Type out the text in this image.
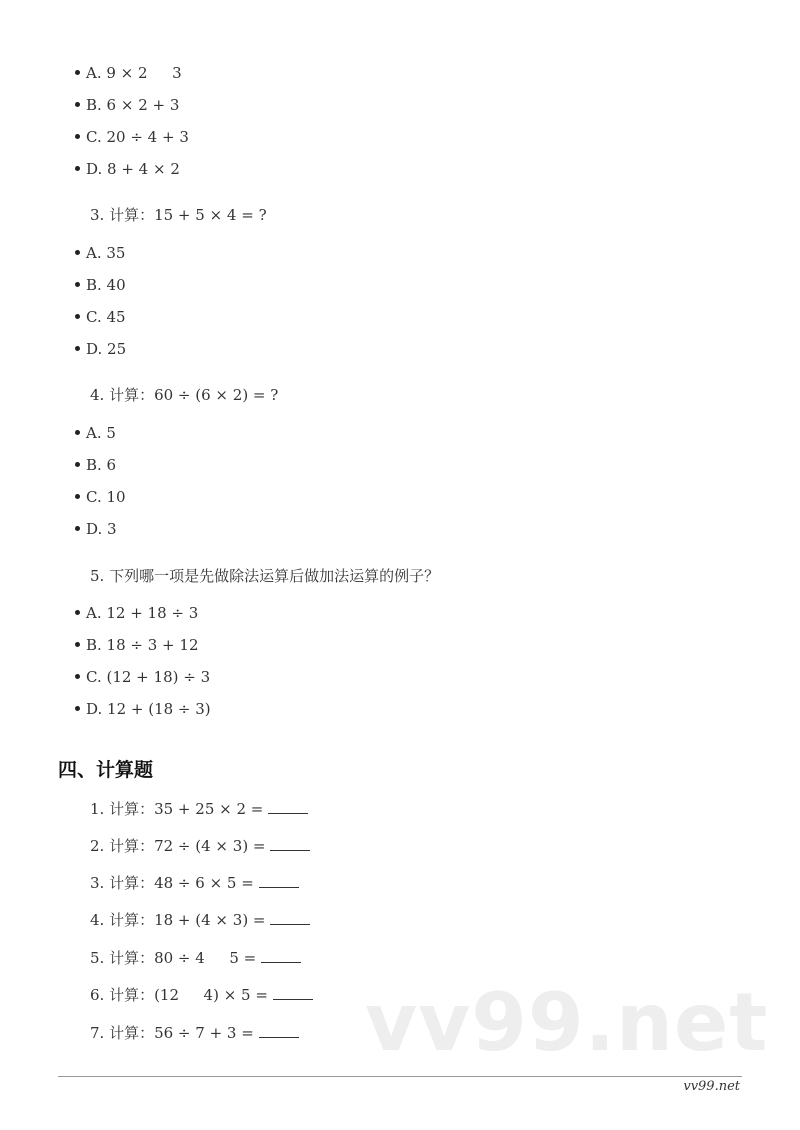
A. 9 × 2 　 3
B. 6 × 2 + 3
C. 20 ÷ 4 + 3
D. 8 + 4 × 2
3. 计算：15 + 5 × 4 = ?
A. 35
B. 40
C. 45
D. 25
4. 计算：60 ÷ (6 × 2) = ?
A. 5
B. 6
C. 10
D. 3
5. 下列哪一项是先做除法运算后做加法运算的例子？
A. 12 + 18 ÷ 3
B. 18 ÷ 3 + 12
C. (12 + 18) ÷ 3
D. 12 + (18 ÷ 3)
四、计算题
1. 计算：35 + 25 × 2 =
2. 计算：72 ÷ (4 × 3) =
3. 计算：48 ÷ 6 × 5 =
4. 计算：18 + (4 × 3) =
5. 计算：80 ÷ 4 　 5 =
6. 计算：(12 　 4) × 5 =
7. 计算：56 ÷ 7 + 3 =	vv99.net
vv99.net
